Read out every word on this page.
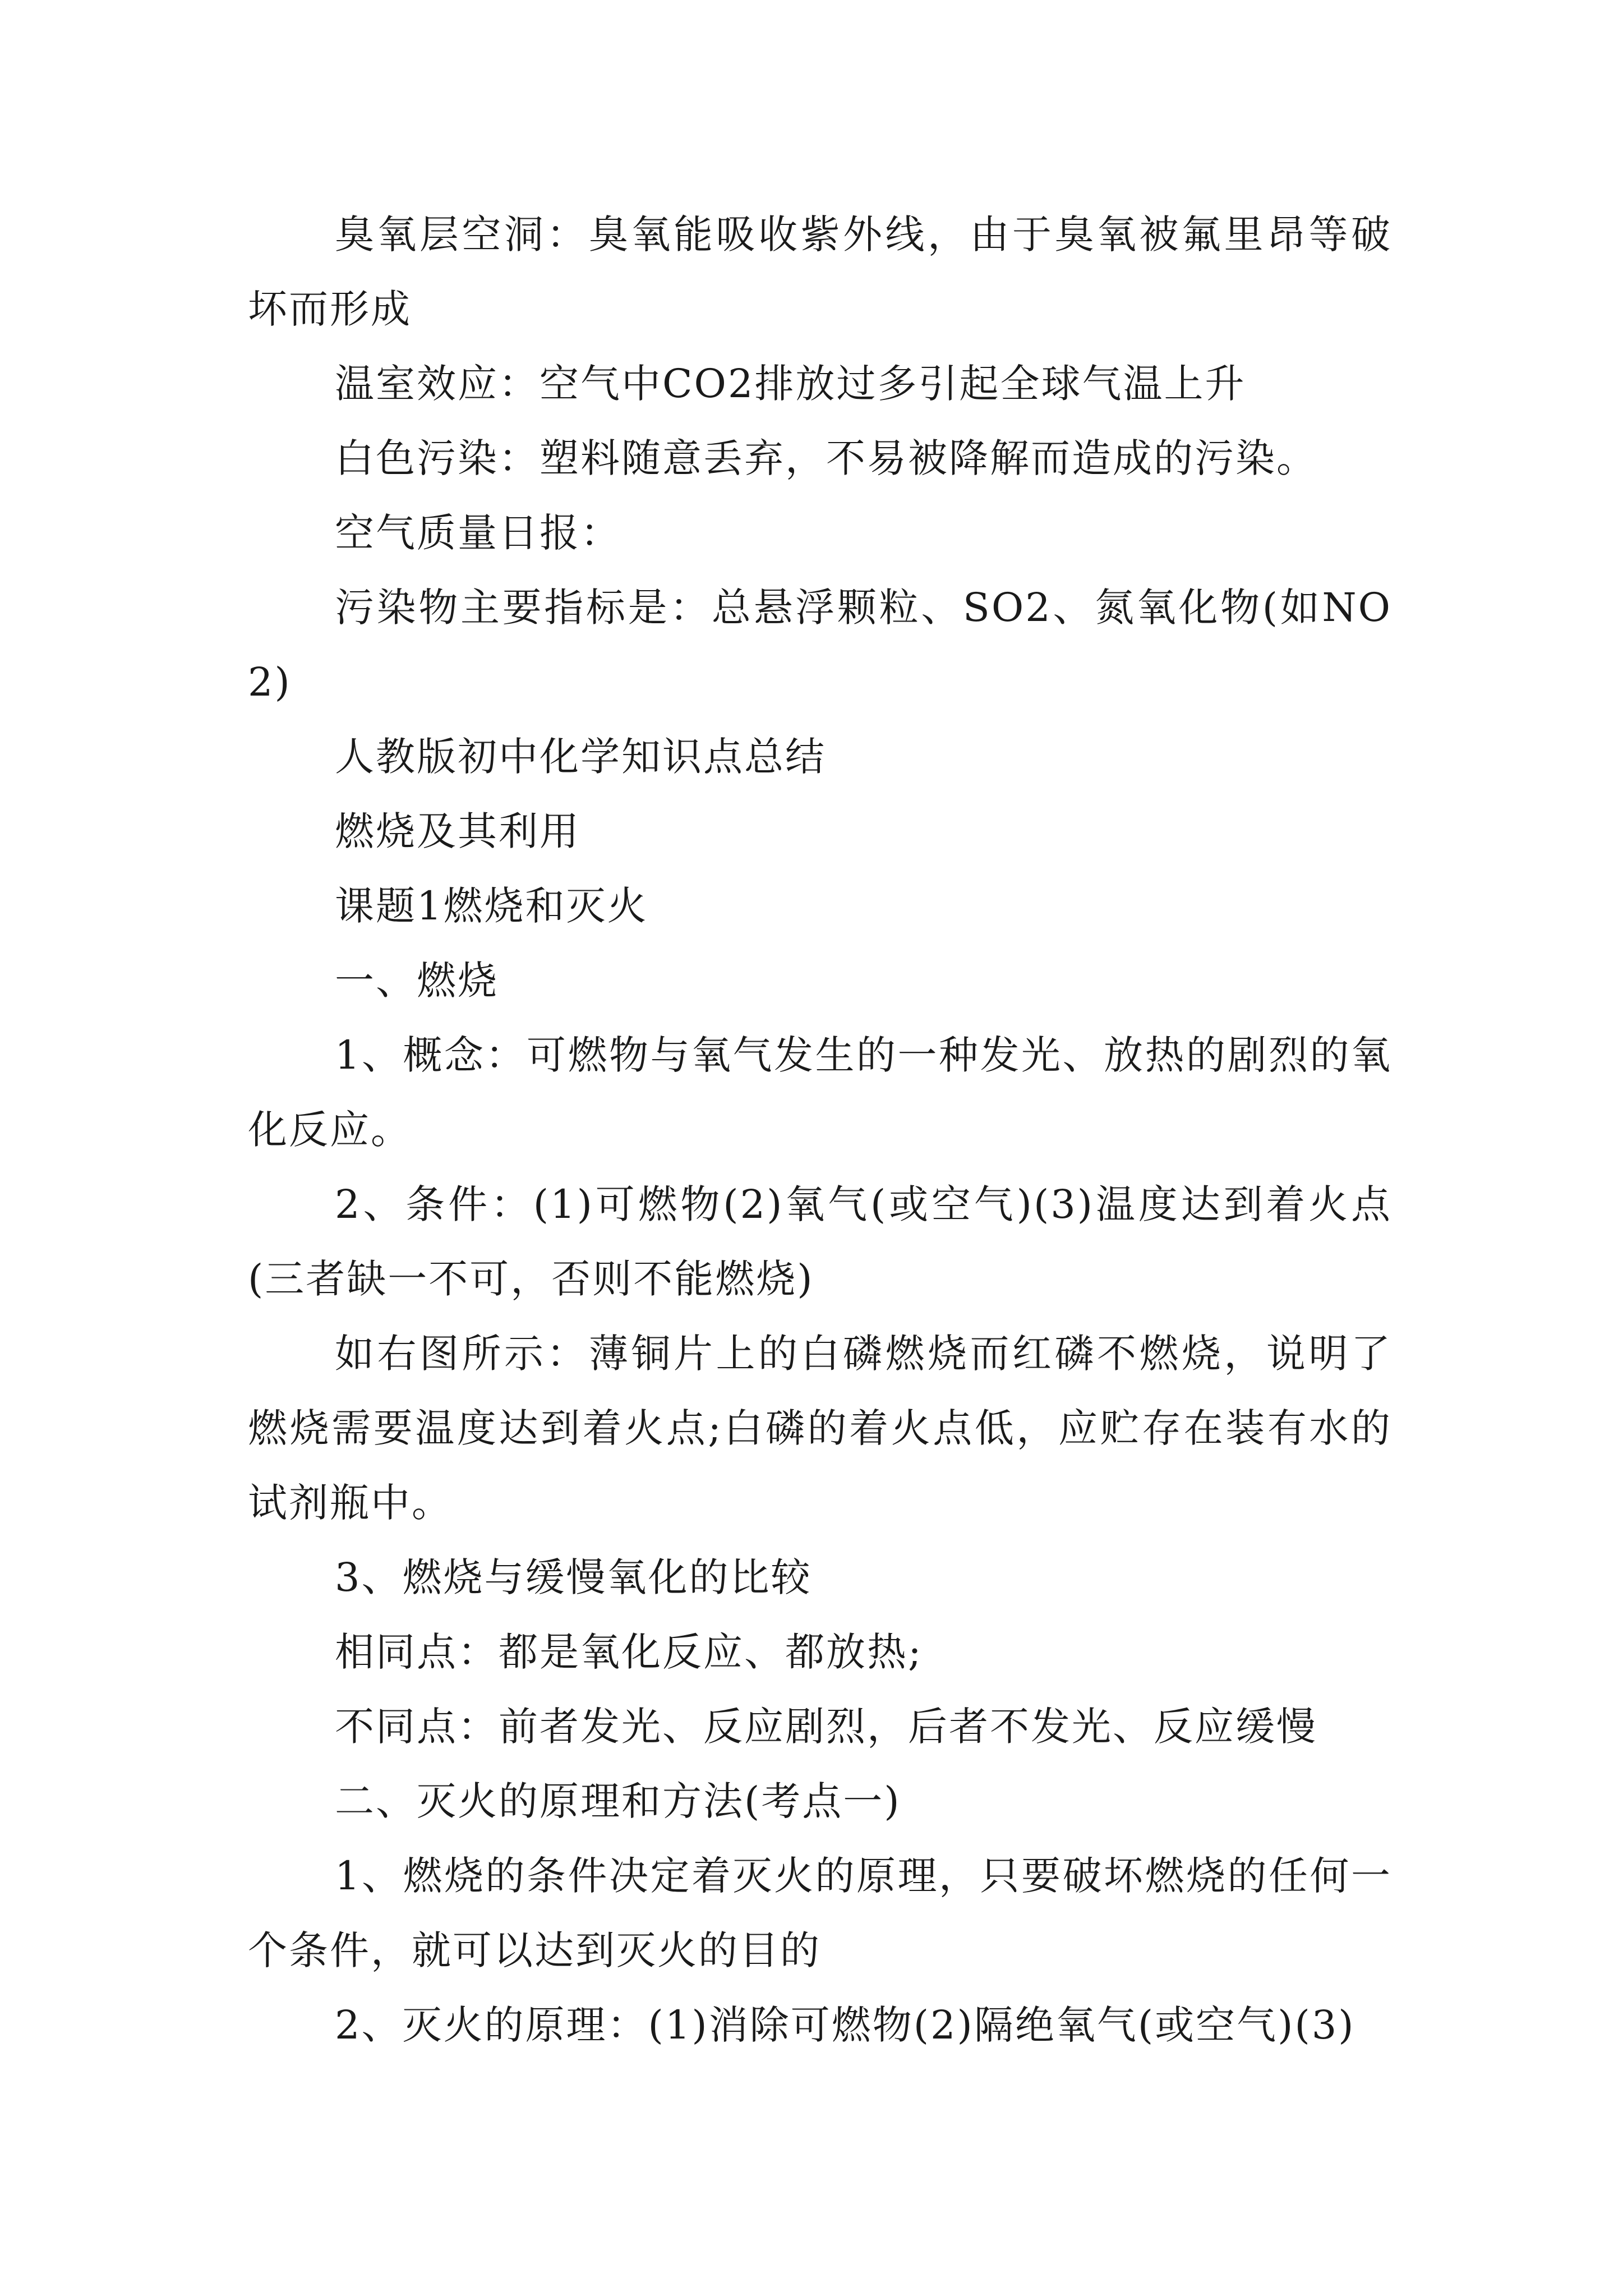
臭氧层空洞：臭氧能吸收紫外线，由于臭氧被氟里昂等破坏而形成

温室效应：空气中CO2排放过多引起全球气温上升

白色污染：塑料随意丢弃，不易被降解而造成的污染。

空气质量日报：

污染物主要指标是：总悬浮颗粒、SO2、氮氧化物(如NO2)

人教版初中化学知识点总结

燃烧及其利用

课题1燃烧和灭火

一、燃烧

1、概念：可燃物与氧气发生的一种发光、放热的剧烈的氧化反应。

2、条件：(1)可燃物(2)氧气(或空气)(3)温度达到着火点(三者缺一不可，否则不能燃烧)

如右图所示：薄铜片上的白磷燃烧而红磷不燃烧，说明了燃烧需要温度达到着火点;白磷的着火点低，应贮存在装有水的试剂瓶中。

3、燃烧与缓慢氧化的比较

相同点：都是氧化反应、都放热;

不同点：前者发光、反应剧烈，后者不发光、反应缓慢

二、灭火的原理和方法(考点一)

1、燃烧的条件决定着灭火的原理，只要破坏燃烧的任何一个条件，就可以达到灭火的目的

2、灭火的原理：(1)消除可燃物(2)隔绝氧气(或空气)(3)
